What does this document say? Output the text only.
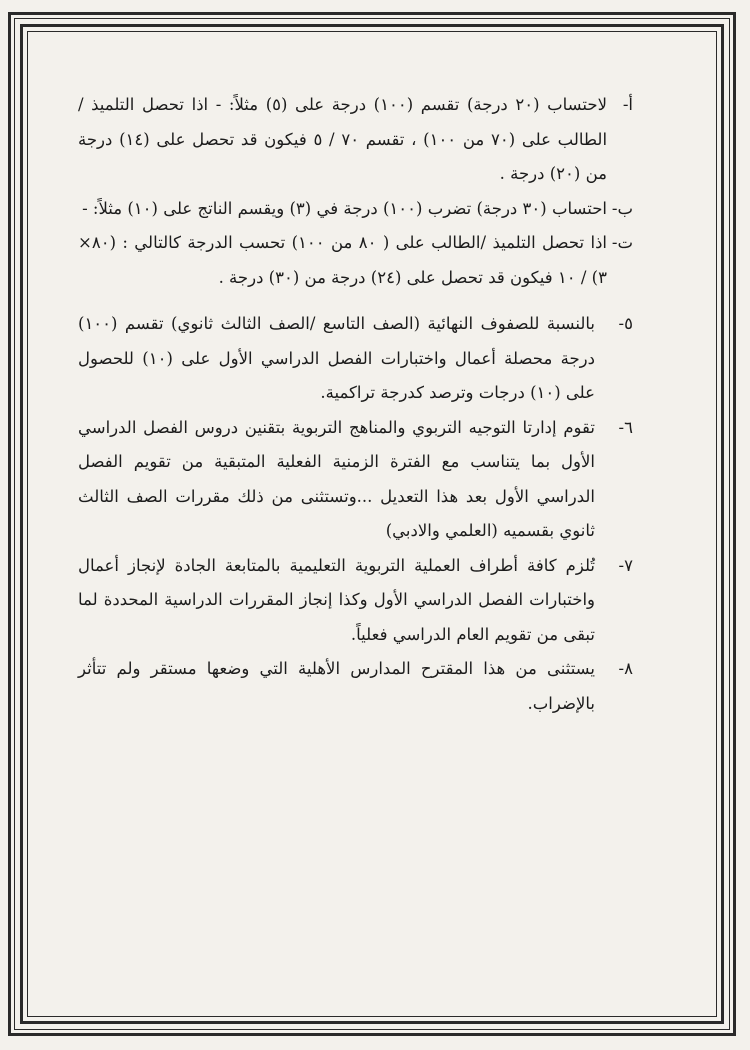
أ-

لاحتساب (٢٠ درجة) تقسم (١٠٠) درجة على (٥) مثلاً: - اذا تحصل التلميذ /الطالب على (٧٠ من ١٠٠) ، تقسم ٧٠ / ٥ فيكون قد تحصل على (١٤) درجة من (٢٠) درجة .

ب-

احتساب (٣٠ درجة) تضرب (١٠٠) درجة في (٣) ويقسم الناتج على (١٠) مثلاً: -

ت-

اذا تحصل التلميذ /الطالب على ( ٨٠ من ١٠٠) تحسب الدرجة كالتالي : (٨٠× ٣) / ١٠ فيكون قد تحصل على (٢٤) درجة من (٣٠) درجة .

٥-

بالنسبة للصفوف النهائية (الصف التاسع /الصف الثالث ثانوي) تقسم (١٠٠) درجة محصلة أعمال واختبارات الفصل الدراسي الأول على (١٠) للحصول على (١٠) درجات وترصد كدرجة تراكمية.

٦-

تقوم إدارتا التوجيه التربوي والمناهج التربوية بتقنين دروس الفصل الدراسي الأول بما يتناسب مع الفترة الزمنية الفعلية المتبقية من تقويم الفصل الدراسي الأول بعد هذا التعديل ...وتستثنى من ذلك مقررات الصف الثالث ثانوي بقسميه (العلمي والادبي)

٧-

تُلزم كافة أطراف العملية التربوية التعليمية بالمتابعة الجادة لإنجاز أعمال واختبارات الفصل الدراسي الأول وكذا إنجاز المقررات الدراسية المحددة لما تبقى من تقويم العام الدراسي فعلياً.

٨-

يستثنى من هذا المقترح المدارس الأهلية التي وضعها مستقر ولم تتأثر بالإضراب.
